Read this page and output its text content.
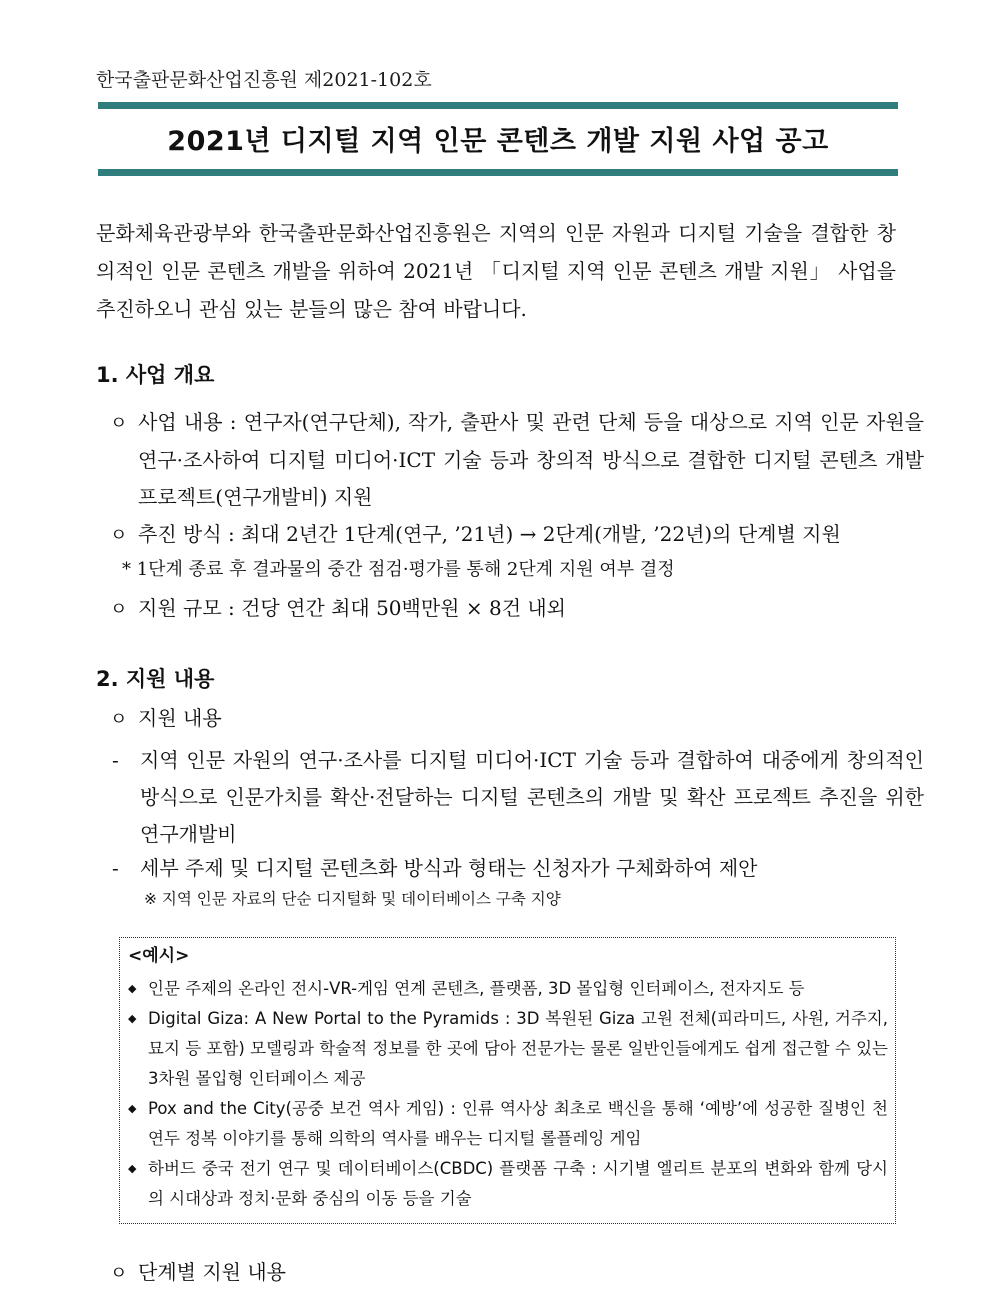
한국출판문화산업진흥원 제2021-102호
2021년 디지털 지역 인문 콘텐츠 개발 지원 사업 공고
문화체육관광부와 한국출판문화산업진흥원은 지역의 인문 자원과 디지털 기술을 결합한 창의적인 인문 콘텐츠 개발을 위하여 2021년 「디지털 지역 인문 콘텐츠 개발 지원」 사업을 추진하오니 관심 있는 분들의 많은 참여 바랍니다.
1. 사업 개요
ㅇ 사업 내용 : 연구자(연구단체), 작가, 출판사 및 관련 단체 등을 대상으로 지역 인문 자원을 연구·조사하여 디지털 미디어·ICT 기술 등과 창의적 방식으로 결합한 디지털 콘텐츠 개발 프로젝트(연구개발비) 지원
ㅇ 추진 방식 : 최대 2년간 1단계(연구, ’21년) → 2단계(개발, ’22년)의 단계별 지원
* 1단계 종료 후 결과물의 중간 점검·평가를 통해 2단계 지원 여부 결정
ㅇ 지원 규모 : 건당 연간 최대 50백만원 × 8건 내외
2. 지원 내용
ㅇ 지원 내용
- 지역 인문 자원의 연구·조사를 디지털 미디어·ICT 기술 등과 결합하여 대중에게 창의적인 방식으로 인문가치를 확산·전달하는 디지털 콘텐츠의 개발 및 확산 프로젝트 추진을 위한 연구개발비
- 세부 주제 및 디지털 콘텐츠화 방식과 형태는 신청자가 구체화하여 제안
※ 지역 인문 자료의 단순 디지털화 및 데이터베이스 구축 지양
<예시>
◆ 인문 주제의 온라인 전시-VR-게임 연계 콘텐츠, 플랫폼, 3D 몰입형 인터페이스, 전자지도 등
◆ Digital Giza: A New Portal to the Pyramids : 3D 복원된 Giza 고원 전체(피라미드, 사원, 거주지, 묘지 등 포함) 모델링과 학술적 정보를 한 곳에 담아 전문가는 물론 일반인들에게도 쉽게 접근할 수 있는 3차원 몰입형 인터페이스 제공
◆ Pox and the City(공중 보건 역사 게임) : 인류 역사상 최초로 백신을 통해 ‘예방’에 성공한 질병인 천연두 정복 이야기를 통해 의학의 역사를 배우는 디지털 롤플레잉 게임
◆ 하버드 중국 전기 연구 및 데이터베이스(CBDC) 플랫폼 구축 : 시기별 엘리트 분포의 변화와 함께 당시의 시대상과 정치·문화 중심의 이동 등을 기술
ㅇ 단계별 지원 내용
